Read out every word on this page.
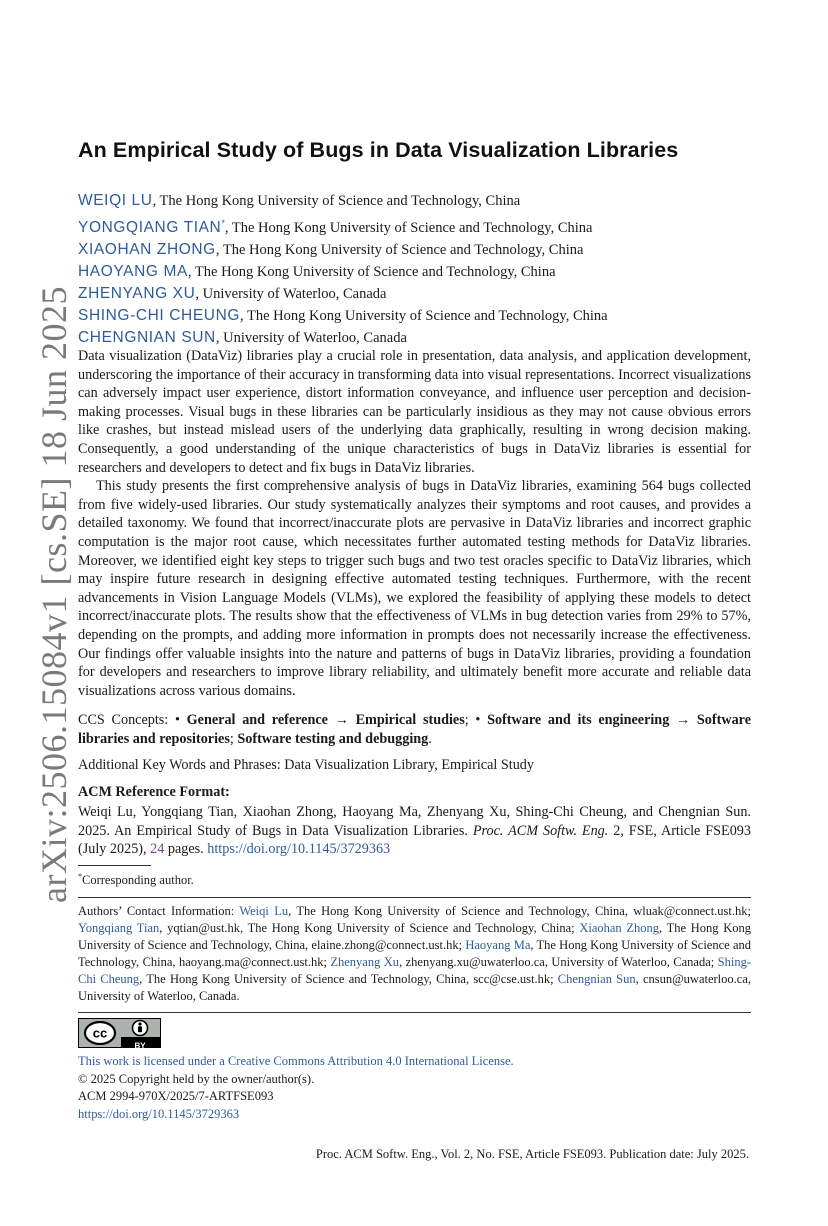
arXiv:2506.15084v1 [cs.SE] 18 Jun 2025
An Empirical Study of Bugs in Data Visualization Libraries
WEIQI LU, The Hong Kong University of Science and Technology, China
YONGQIANG TIAN*, The Hong Kong University of Science and Technology, China
XIAOHAN ZHONG, The Hong Kong University of Science and Technology, China
HAOYANG MA, The Hong Kong University of Science and Technology, China
ZHENYANG XU, University of Waterloo, Canada
SHING-CHI CHEUNG, The Hong Kong University of Science and Technology, China
CHENGNIAN SUN, University of Waterloo, Canada

Data visualization (DataViz) libraries play a crucial role in presentation, data analysis, and application development, underscoring the importance of their accuracy in transforming data into visual representations. Incorrect visualizations can adversely impact user experience, distort information conveyance, and influence user perception and decision-making processes. Visual bugs in these libraries can be particularly insidious as they may not cause obvious errors like crashes, but instead mislead users of the underlying data graphically, resulting in wrong decision making. Consequently, a good understanding of the unique characteristics of bugs in DataViz libraries is essential for researchers and developers to detect and fix bugs in DataViz libraries.

This study presents the first comprehensive analysis of bugs in DataViz libraries, examining 564 bugs collected from five widely-used libraries. Our study systematically analyzes their symptoms and root causes, and provides a detailed taxonomy. We found that incorrect/inaccurate plots are pervasive in DataViz libraries and incorrect graphic computation is the major root cause, which necessitates further automated testing methods for DataViz libraries. Moreover, we identified eight key steps to trigger such bugs and two test oracles specific to DataViz libraries, which may inspire future research in designing effective automated testing techniques. Furthermore, with the recent advancements in Vision Language Models (VLMs), we explored the feasibility of applying these models to detect incorrect/inaccurate plots. The results show that the effectiveness of VLMs in bug detection varies from 29% to 57%, depending on the prompts, and adding more information in prompts does not necessarily increase the effectiveness. Our findings offer valuable insights into the nature and patterns of bugs in DataViz libraries, providing a foundation for developers and researchers to improve library reliability, and ultimately benefit more accurate and reliable data visualizations across various domains.

CCS Concepts: • General and reference → Empirical studies; • Software and its engineering → Software libraries and repositories; Software testing and debugging.
Additional Key Words and Phrases: Data Visualization Library, Empirical Study
ACM Reference Format:
Weiqi Lu, Yongqiang Tian, Xiaohan Zhong, Haoyang Ma, Zhenyang Xu, Shing-Chi Cheung, and Chengnian Sun. 2025. An Empirical Study of Bugs in Data Visualization Libraries. Proc. ACM Softw. Eng. 2, FSE, Article FSE093 (July 2025), 24 pages. https://doi.org/10.1145/3729363
*Corresponding author.
Authors’ Contact Information: Weiqi Lu, The Hong Kong University of Science and Technology, China, wluak@connect.ust.hk; Yongqiang Tian, yqtian@ust.hk, The Hong Kong University of Science and Technology, China; Xiaohan Zhong, The Hong Kong University of Science and Technology, China, elaine.zhong@connect.ust.hk; Haoyang Ma, The Hong Kong University of Science and Technology, China, haoyang.ma@connect.ust.hk; Zhenyang Xu, zhenyang.xu@uwaterloo.ca, University of Waterloo, Canada; Shing-Chi Cheung, The Hong Kong University of Science and Technology, China, scc@cse.ust.hk; Chengnian Sun, cnsun@uwaterloo.ca, University of Waterloo, Canada.
cc
BY
This work is licensed under a Creative Commons Attribution 4.0 International License.
© 2025 Copyright held by the owner/author(s).
ACM 2994-970X/2025/7-ARTFSE093
https://doi.org/10.1145/3729363
Proc. ACM Softw. Eng., Vol. 2, No. FSE, Article FSE093. Publication date: July 2025.
